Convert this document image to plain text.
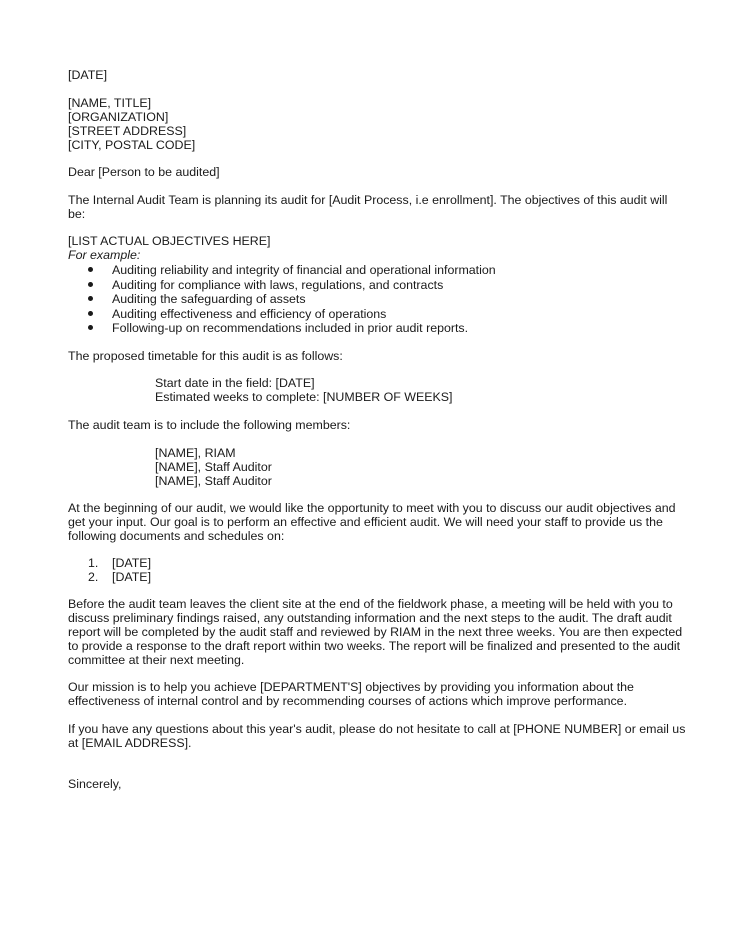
[DATE]
[NAME, TITLE]
[ORGANIZATION]
[STREET ADDRESS]
[CITY, POSTAL CODE]
Dear [Person to be audited]
The Internal Audit Team is planning its audit for [Audit Process, i.e enrollment]. The objectives of this audit will
be:
[LIST ACTUAL OBJECTIVES HERE]
For example:
Auditing reliability and integrity of financial and operational information
Auditing for compliance with laws, regulations, and contracts
Auditing the safeguarding of assets
Auditing effectiveness and efficiency of operations
Following-up on recommendations included in prior audit reports.
The proposed timetable for this audit is as follows:
Start date in the field: [DATE]
Estimated weeks to complete: [NUMBER OF WEEKS]
The audit team is to include the following members:
[NAME], RIAM
[NAME], Staff Auditor
[NAME], Staff Auditor
At the beginning of our audit, we would like the opportunity to meet with you to discuss our audit objectives and
get your input. Our goal is to perform an effective and efficient audit. We will need your staff to provide us the
following documents and schedules on:
1. [DATE]
2. [DATE]
Before the audit team leaves the client site at the end of the fieldwork phase, a meeting will be held with you to
discuss preliminary findings raised, any outstanding information and the next steps to the audit. The draft audit
report will be completed by the audit staff and reviewed by RIAM in the next three weeks. You are then expected
to provide a response to the draft report within two weeks. The report will be finalized and presented to the audit
committee at their next meeting.
Our mission is to help you achieve [DEPARTMENT'S] objectives by providing you information about the
effectiveness of internal control and by recommending courses of actions which improve performance.
If you have any questions about this year's audit, please do not hesitate to call at [PHONE NUMBER] or email us
at [EMAIL ADDRESS].
Sincerely,
